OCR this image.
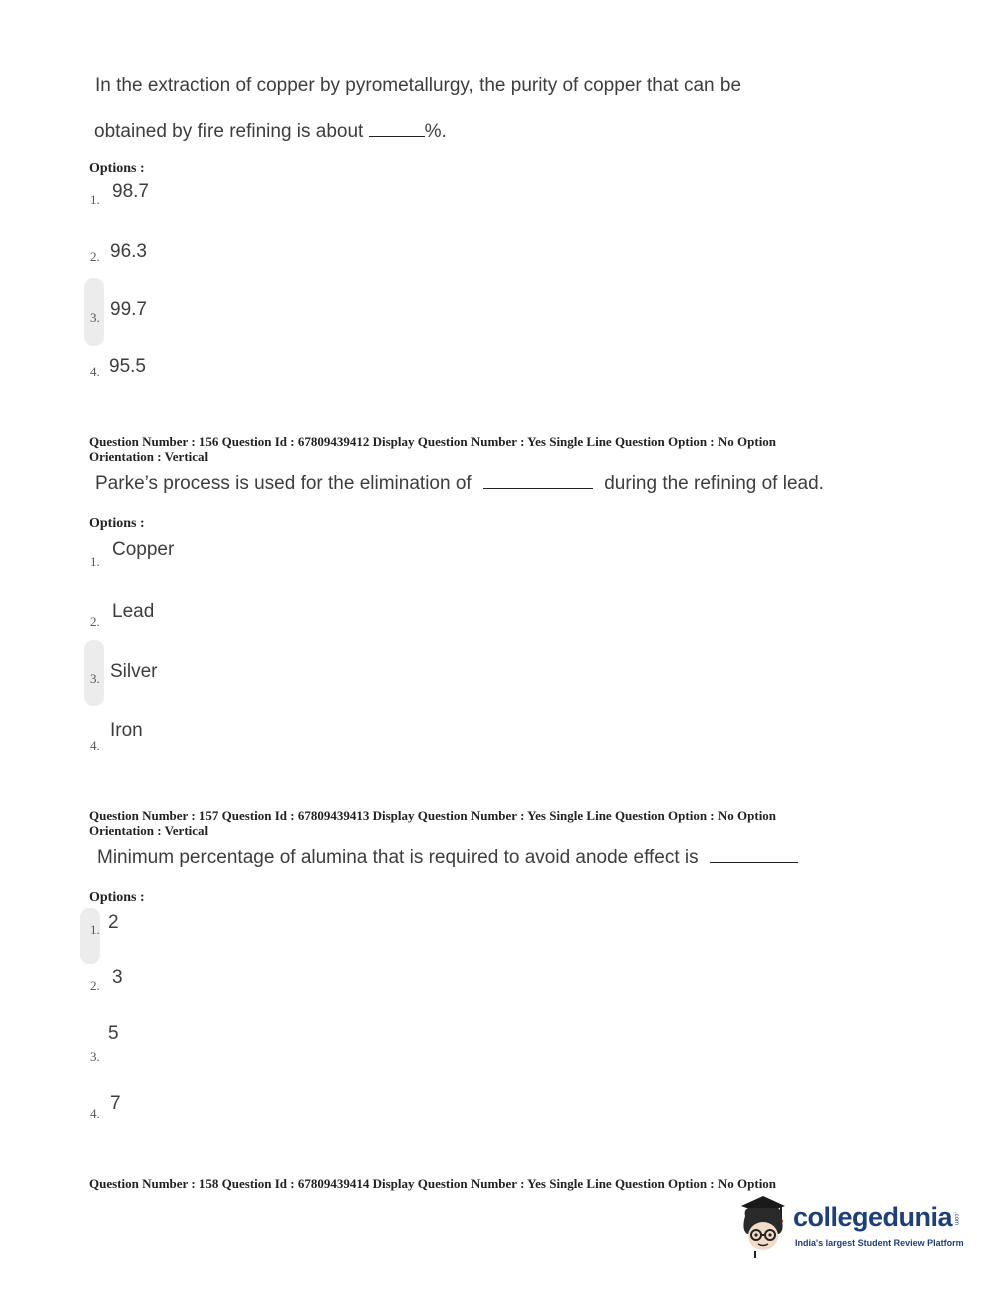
In the extraction of copper by pyrometallurgy, the purity of copper that can be
obtained by fire refining is about	%.
Options :
1. 98.7
2. 96.3
3. 99.7
4. 95.5
Question Number : 156 Question Id : 67809439412 Display Question Number : Yes Single Line Question Option : No Option
Orientation : Vertical
Parke’s process is used for the elimination of	during the refining of lead.
Options :
1.
Copper
2. Lead
3. Silver
4.
Iron
Question Number : 157 Question Id : 67809439413 Display Question Number : Yes Single Line Question Option : No Option
Orientation : Vertical
Minimum percentage of alumina that is required to avoid anode effect is
Options :
1. 2
2. 3
3.
5
4. 7
Question Number : 158 Question Id : 67809439414 Display Question Number : Yes Single Line Question Option : No Option
collegedunia .com
India's largest Student Review Platform
